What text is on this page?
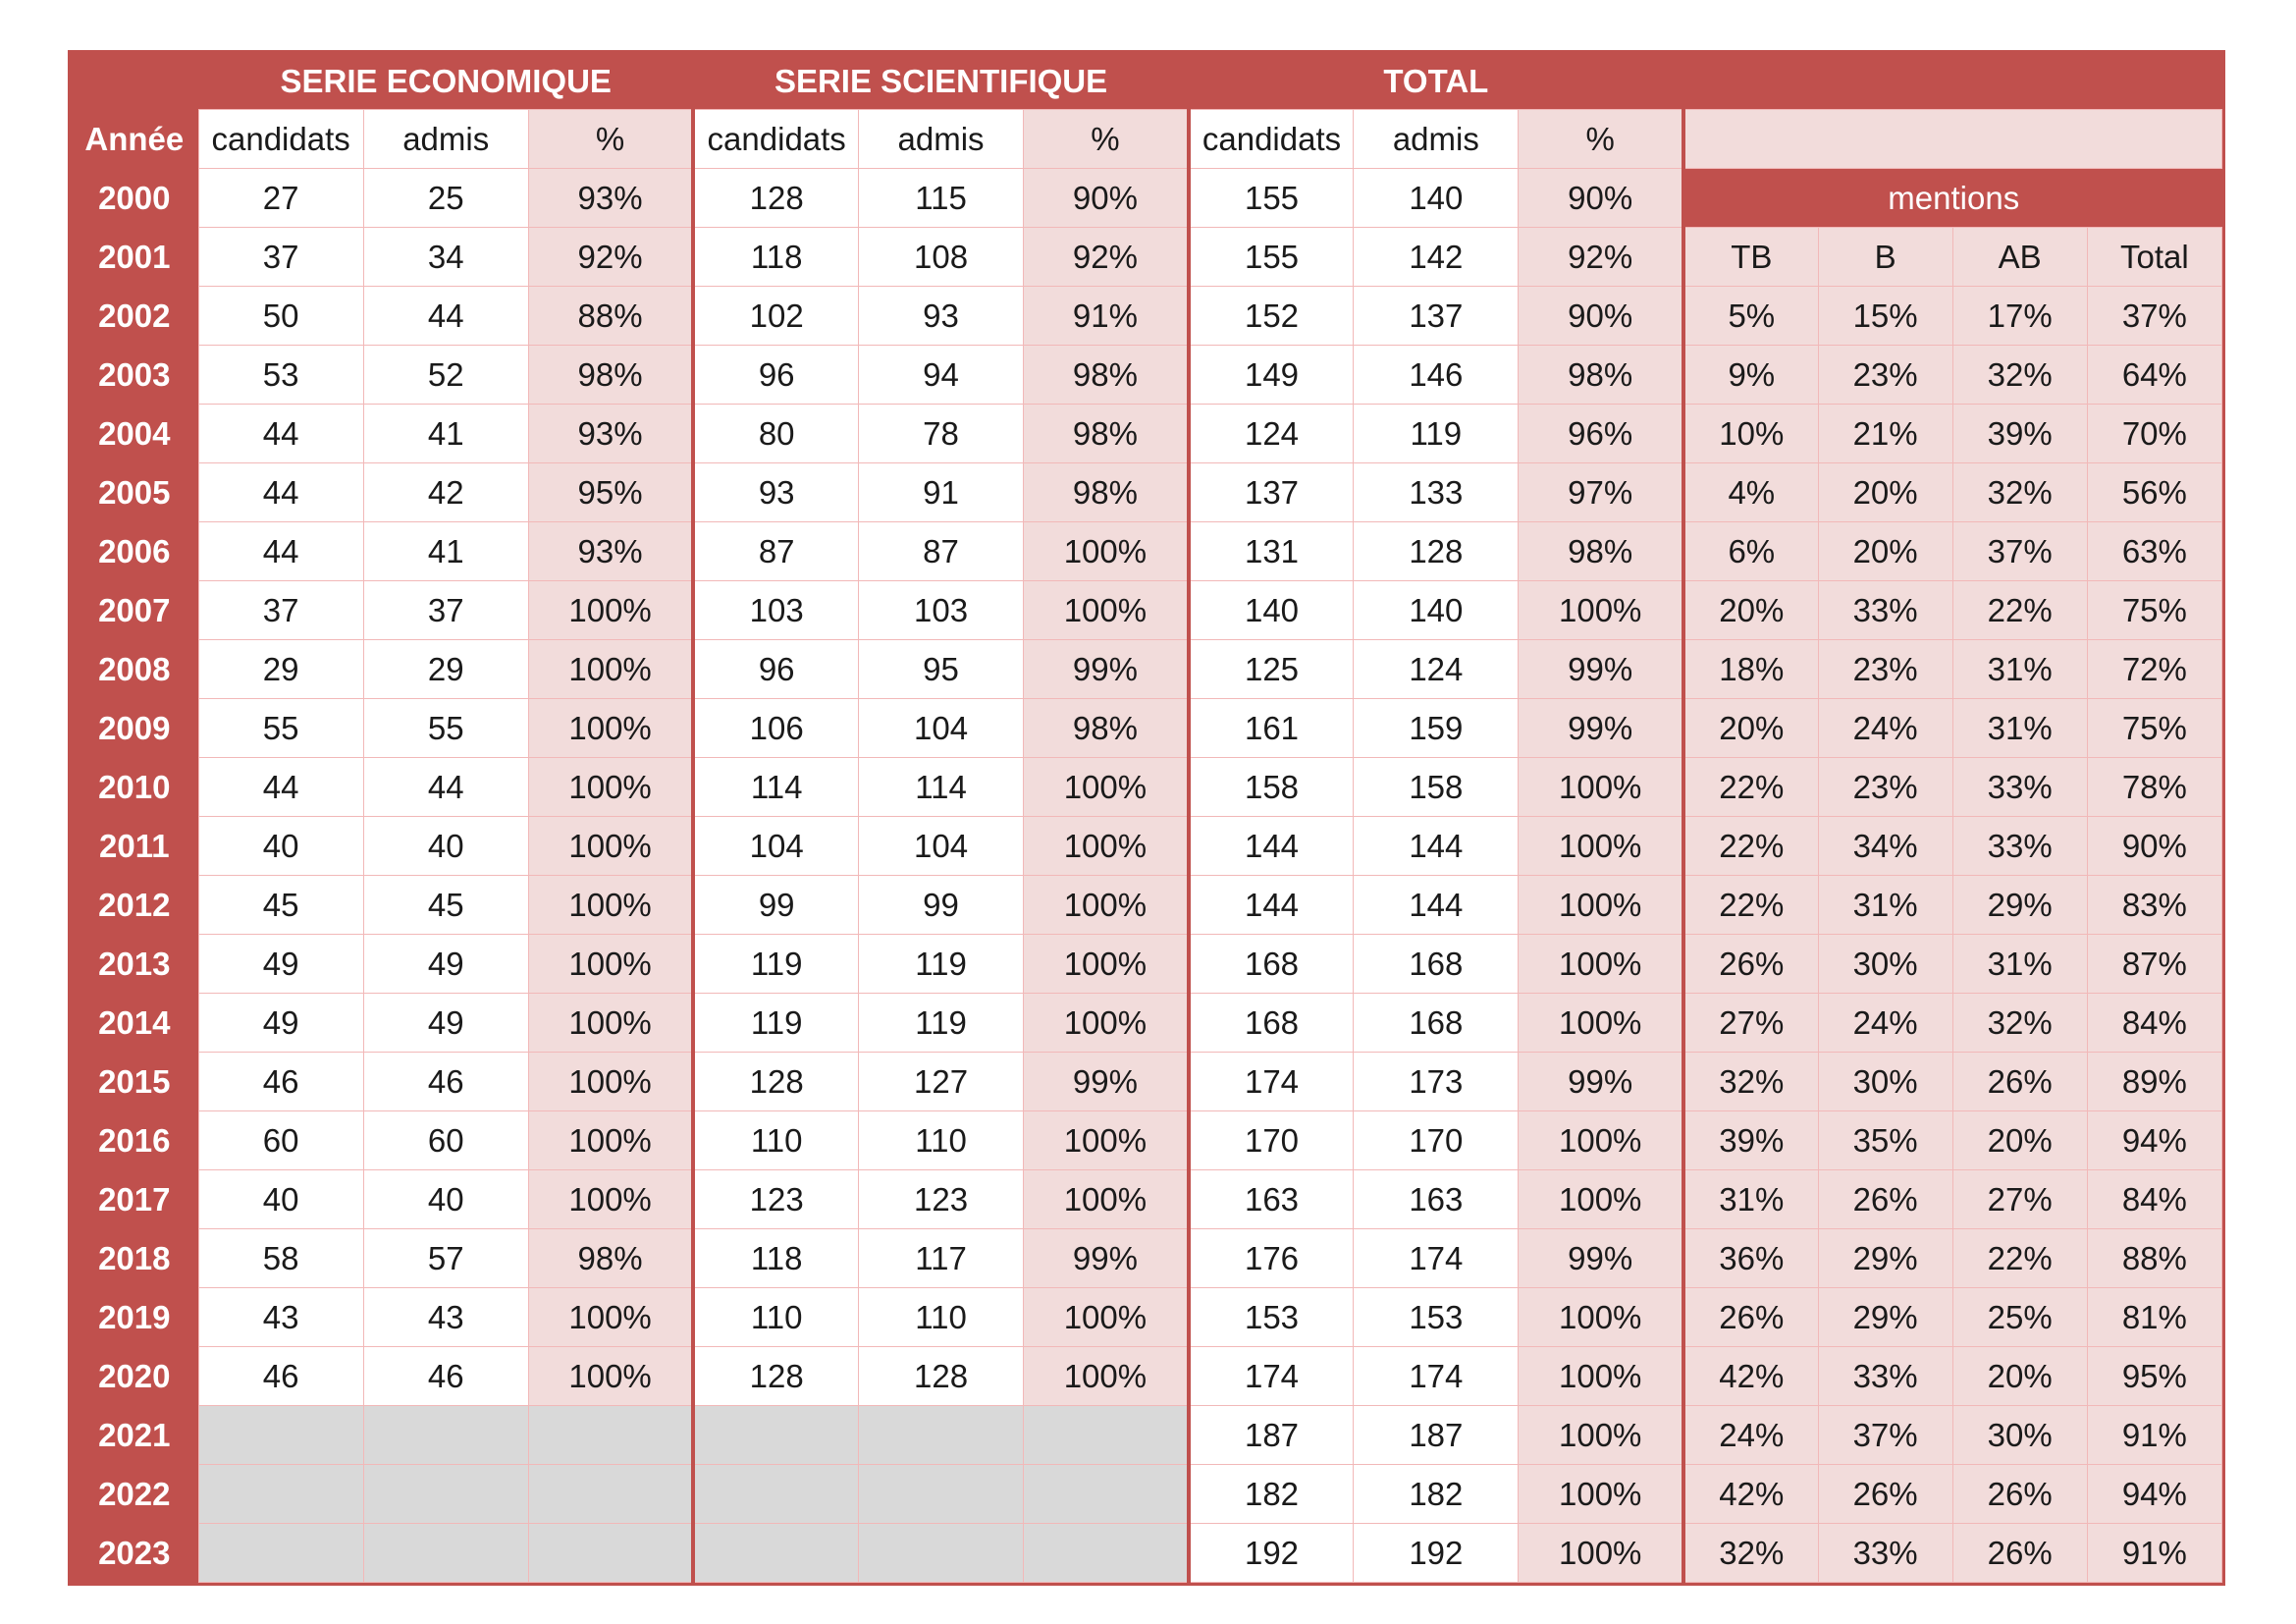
	SERIE ECONOMIQUE			SERIE SCIENTIFIQUE			TOTAL						
Année	candidats	admis	%	candidats	admis	%	candidats	admis	%				
2000	27	25	93%	128	115	90%	155	140	90%	mentions			
2001	37	34	92%	118	108	92%	155	142	92%	TB	B	AB	Total
2002	50	44	88%	102	93	91%	152	137	90%	5%	15%	17%	37%
2003	53	52	98%	96	94	98%	149	146	98%	9%	23%	32%	64%
2004	44	41	93%	80	78	98%	124	119	96%	10%	21%	39%	70%
2005	44	42	95%	93	91	98%	137	133	97%	4%	20%	32%	56%
2006	44	41	93%	87	87	100%	131	128	98%	6%	20%	37%	63%
2007	37	37	100%	103	103	100%	140	140	100%	20%	33%	22%	75%
2008	29	29	100%	96	95	99%	125	124	99%	18%	23%	31%	72%
2009	55	55	100%	106	104	98%	161	159	99%	20%	24%	31%	75%
2010	44	44	100%	114	114	100%	158	158	100%	22%	23%	33%	78%
2011	40	40	100%	104	104	100%	144	144	100%	22%	34%	33%	90%
2012	45	45	100%	99	99	100%	144	144	100%	22%	31%	29%	83%
2013	49	49	100%	119	119	100%	168	168	100%	26%	30%	31%	87%
2014	49	49	100%	119	119	100%	168	168	100%	27%	24%	32%	84%
2015	46	46	100%	128	127	99%	174	173	99%	32%	30%	26%	89%
2016	60	60	100%	110	110	100%	170	170	100%	39%	35%	20%	94%
2017	40	40	100%	123	123	100%	163	163	100%	31%	26%	27%	84%
2018	58	57	98%	118	117	99%	176	174	99%	36%	29%	22%	88%
2019	43	43	100%	110	110	100%	153	153	100%	26%	29%	25%	81%
2020	46	46	100%	128	128	100%	174	174	100%	42%	33%	20%	95%
2021							187	187	100%	24%	37%	30%	91%
2022							182	182	100%	42%	26%	26%	94%
2023							192	192	100%	32%	33%	26%	91%
